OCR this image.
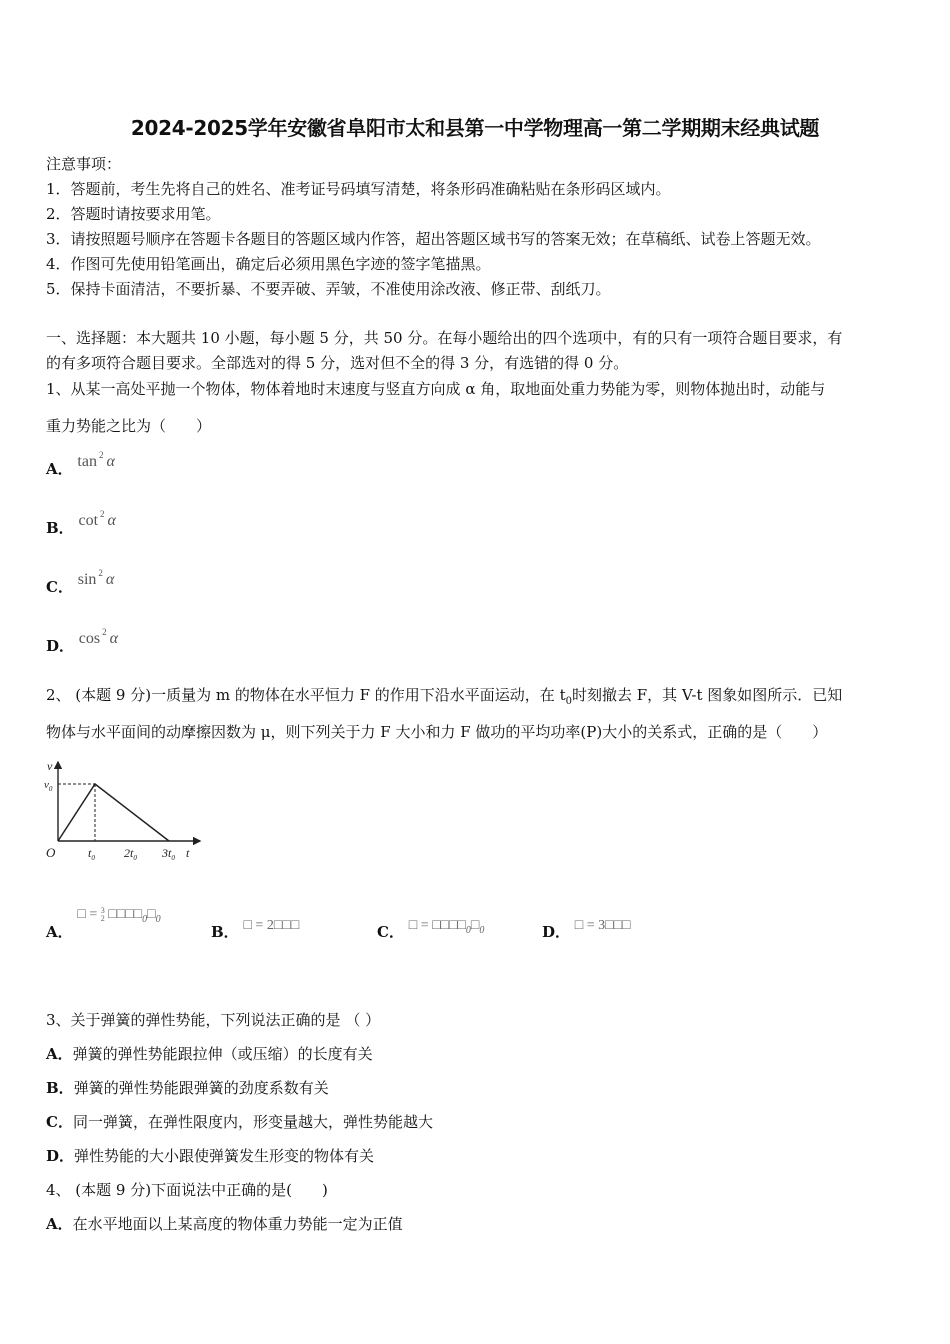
2024-2025学年安徽省阜阳市太和县第一中学物理高一第二学期期末经典试题
注意事项：
1．答题前，考生先将自己的姓名、准考证号码填写清楚，将条形码准确粘贴在条形码区域内。
2．答题时请按要求用笔。
3．请按照题号顺序在答题卡各题目的答题区域内作答，超出答题区域书写的答案无效；在草稿纸、试卷上答题无效。
4．作图可先使用铅笔画出，确定后必须用黑色字迹的签字笔描黑。
5．保持卡面清洁，不要折暴、不要弄破、弄皱，不准使用涂改液、修正带、刮纸刀。
一、选择题：本大题共 10 小题，每小题 5 分，共 50 分。在每小题给出的四个选项中，有的只有一项符合题目要求，有
的有多项符合题目要求。全部选对的得 5 分，选对但不全的得 3 分，有选错的得 0 分。
1、从某一高处平抛一个物体，物体着地时末速度与竖直方向成 α 角，取地面处重力势能为零，则物体抛出时，动能与
重力势能之比为（　　）
A． tan $^2$ α
B． cot $^2$ α
C． sin $^2$ α
D． cos $^2$ α
2、 (本题 9 分)一质量为 m 的物体在水平恒力 F 的作用下沿水平面运动，在 $t_0$时刻撤去 F，其 V-t 图象如图所示．已知
物体与水平面间的动摩擦因数为 μ，则下列关于力 F 大小和力 F 做功的平均功率(P)大小的关系式，正确的是（　　）
v
$v_0$
O	$t_0$ $2t_0$ $3t_0$ t
A． □ = 3
2 $□□□□_0□_0$
B． □ = 2□□□	C． □ = $□□□□_0□_0$	D． □ = 3□□□
3、关于弹簧的弹性势能，下列说法正确的是 （ ）
A．弹簧的弹性势能跟拉伸（或压缩）的长度有关
B．弹簧的弹性势能跟弹簧的劲度系数有关
C．同一弹簧，在弹性限度内，形变量越大，弹性势能越大
D．弹性势能的大小跟使弹簧发生形变的物体有关
4、 (本题 9 分)下面说法中正确的是(　　)
A．在水平地面以上某高度的物体重力势能一定为正值
